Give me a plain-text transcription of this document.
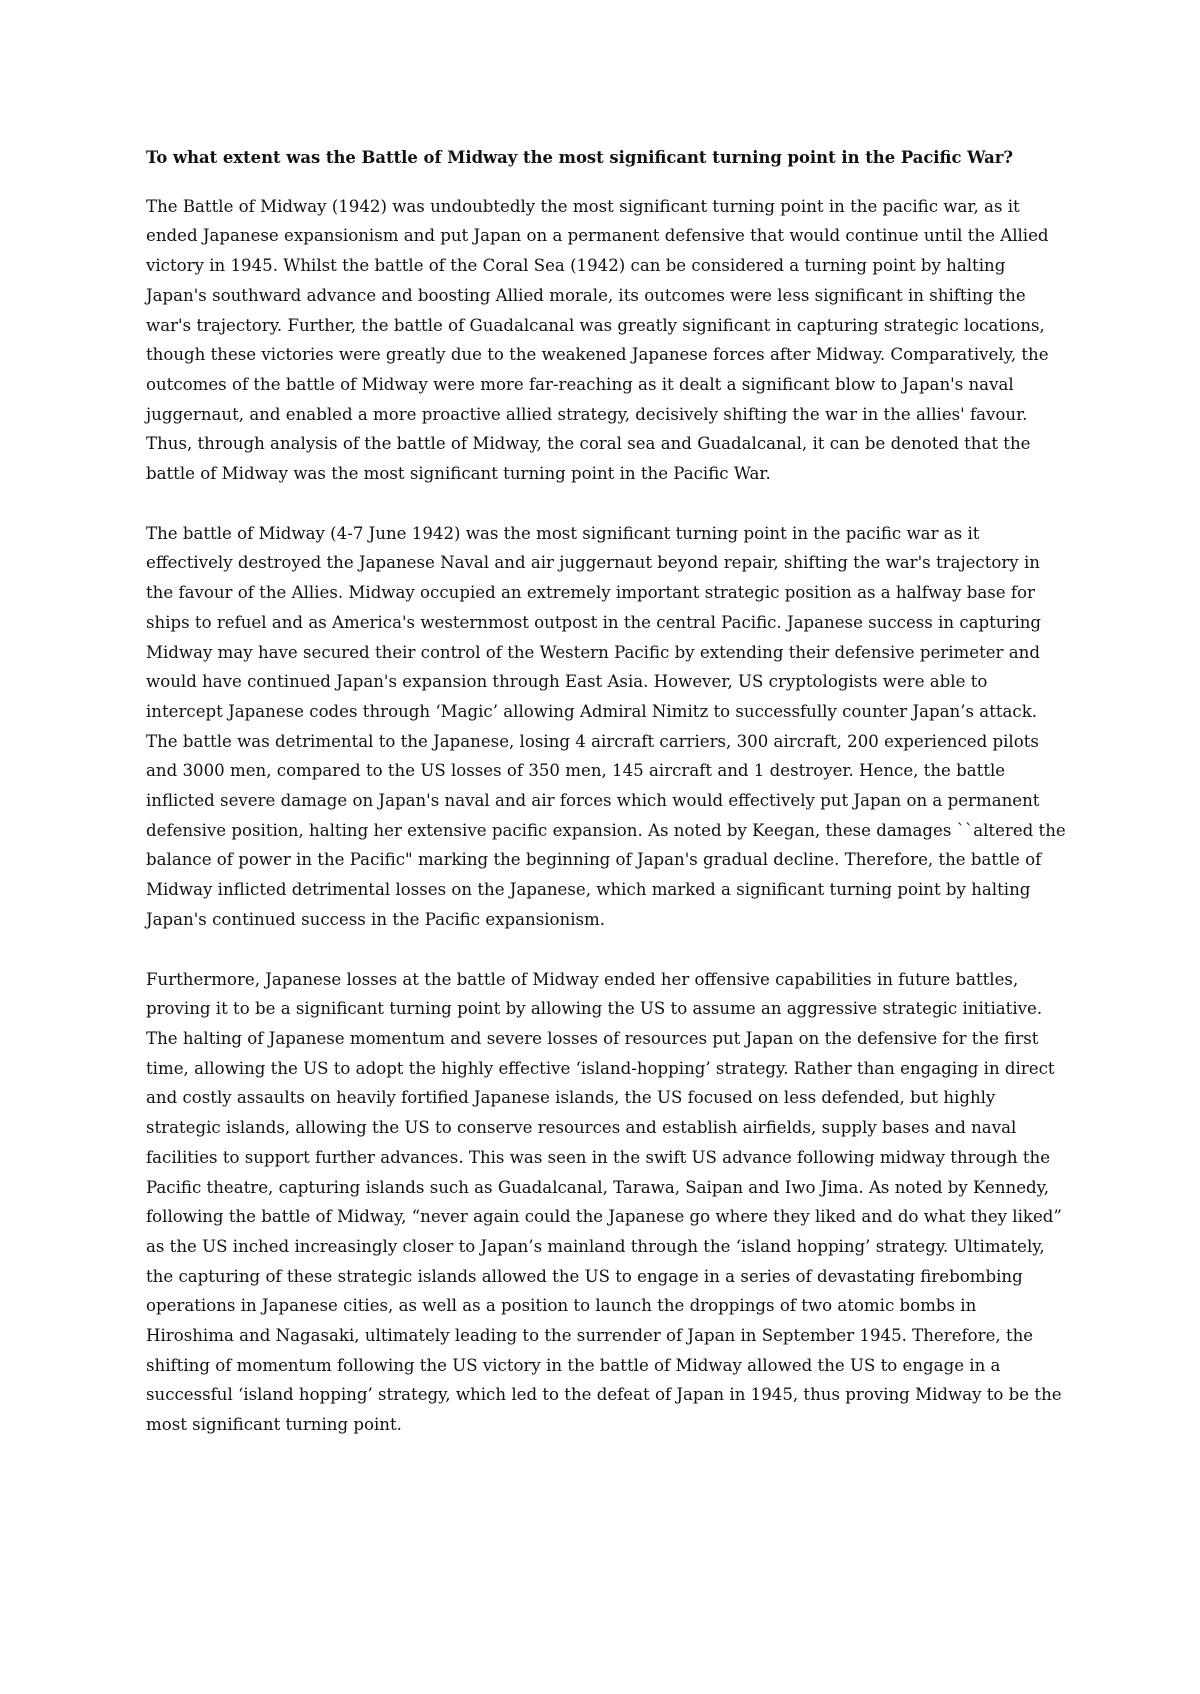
To what extent was the Battle of Midway the most significant turning point in the Pacific War?

The Battle of Midway (1942) was undoubtedly the most significant turning point in the pacific war, as it ended Japanese expansionism and put Japan on a permanent defensive that would continue until the Allied victory in 1945. Whilst the battle of the Coral Sea (1942) can be considered a turning point by halting Japan's southward advance and boosting Allied morale, its outcomes were less significant in shifting the war's trajectory. Further, the battle of Guadalcanal was greatly significant in capturing strategic locations, though these victories were greatly due to the weakened Japanese forces after Midway. Comparatively, the outcomes of the battle of Midway were more far-reaching as it dealt a significant blow to Japan's naval juggernaut, and enabled a more proactive allied strategy, decisively shifting the war in the allies' favour. Thus, through analysis of the battle of Midway, the coral sea and Guadalcanal, it can be denoted that the battle of Midway was the most significant turning point in the Pacific War.

The battle of Midway (4-7 June 1942) was the most significant turning point in the pacific war as it effectively destroyed the Japanese Naval and air juggernaut beyond repair, shifting the war's trajectory in the favour of the Allies. Midway occupied an extremely important strategic position as a halfway base for ships to refuel and as America's westernmost outpost in the central Pacific. Japanese success in capturing Midway may have secured their control of the Western Pacific by extending their defensive perimeter and would have continued Japan's expansion through East Asia. However, US cryptologists were able to intercept Japanese codes through ‘Magic’ allowing Admiral Nimitz to successfully counter Japan’s attack. The battle was detrimental to the Japanese, losing 4 aircraft carriers, 300 aircraft, 200 experienced pilots and 3000 men, compared to the US losses of 350 men, 145 aircraft and 1 destroyer. Hence, the battle inflicted severe damage on Japan's naval and air forces which would effectively put Japan on a permanent defensive position, halting her extensive pacific expansion. As noted by Keegan, these damages ``altered the balance of power in the Pacific" marking the beginning of Japan's gradual decline. Therefore, the battle of Midway inflicted detrimental losses on the Japanese, which marked a significant turning point by halting Japan's continued success in the Pacific expansionism.

Furthermore, Japanese losses at the battle of Midway ended her offensive capabilities in future battles, proving it to be a significant turning point by allowing the US to assume an aggressive strategic initiative. The halting of Japanese momentum and severe losses of resources put Japan on the defensive for the first time, allowing the US to adopt the highly effective ‘island-hopping’ strategy. Rather than engaging in direct and costly assaults on heavily fortified Japanese islands, the US focused on less defended, but highly strategic islands, allowing the US to conserve resources and establish airfields, supply bases and naval facilities to support further advances. This was seen in the swift US advance following midway through the Pacific theatre, capturing islands such as Guadalcanal, Tarawa, Saipan and Iwo Jima. As noted by Kennedy, following the battle of Midway, “never again could the Japanese go where they liked and do what they liked” as the US inched increasingly closer to Japan’s mainland through the ‘island hopping’ strategy. Ultimately, the capturing of these strategic islands allowed the US to engage in a series of devastating firebombing operations in Japanese cities, as well as a position to launch the droppings of two atomic bombs in Hiroshima and Nagasaki, ultimately leading to the surrender of Japan in September 1945. Therefore, the shifting of momentum following the US victory in the battle of Midway allowed the US to engage in a successful ‘island hopping’ strategy, which led to the defeat of Japan in 1945, thus proving Midway to be the most significant turning point.
